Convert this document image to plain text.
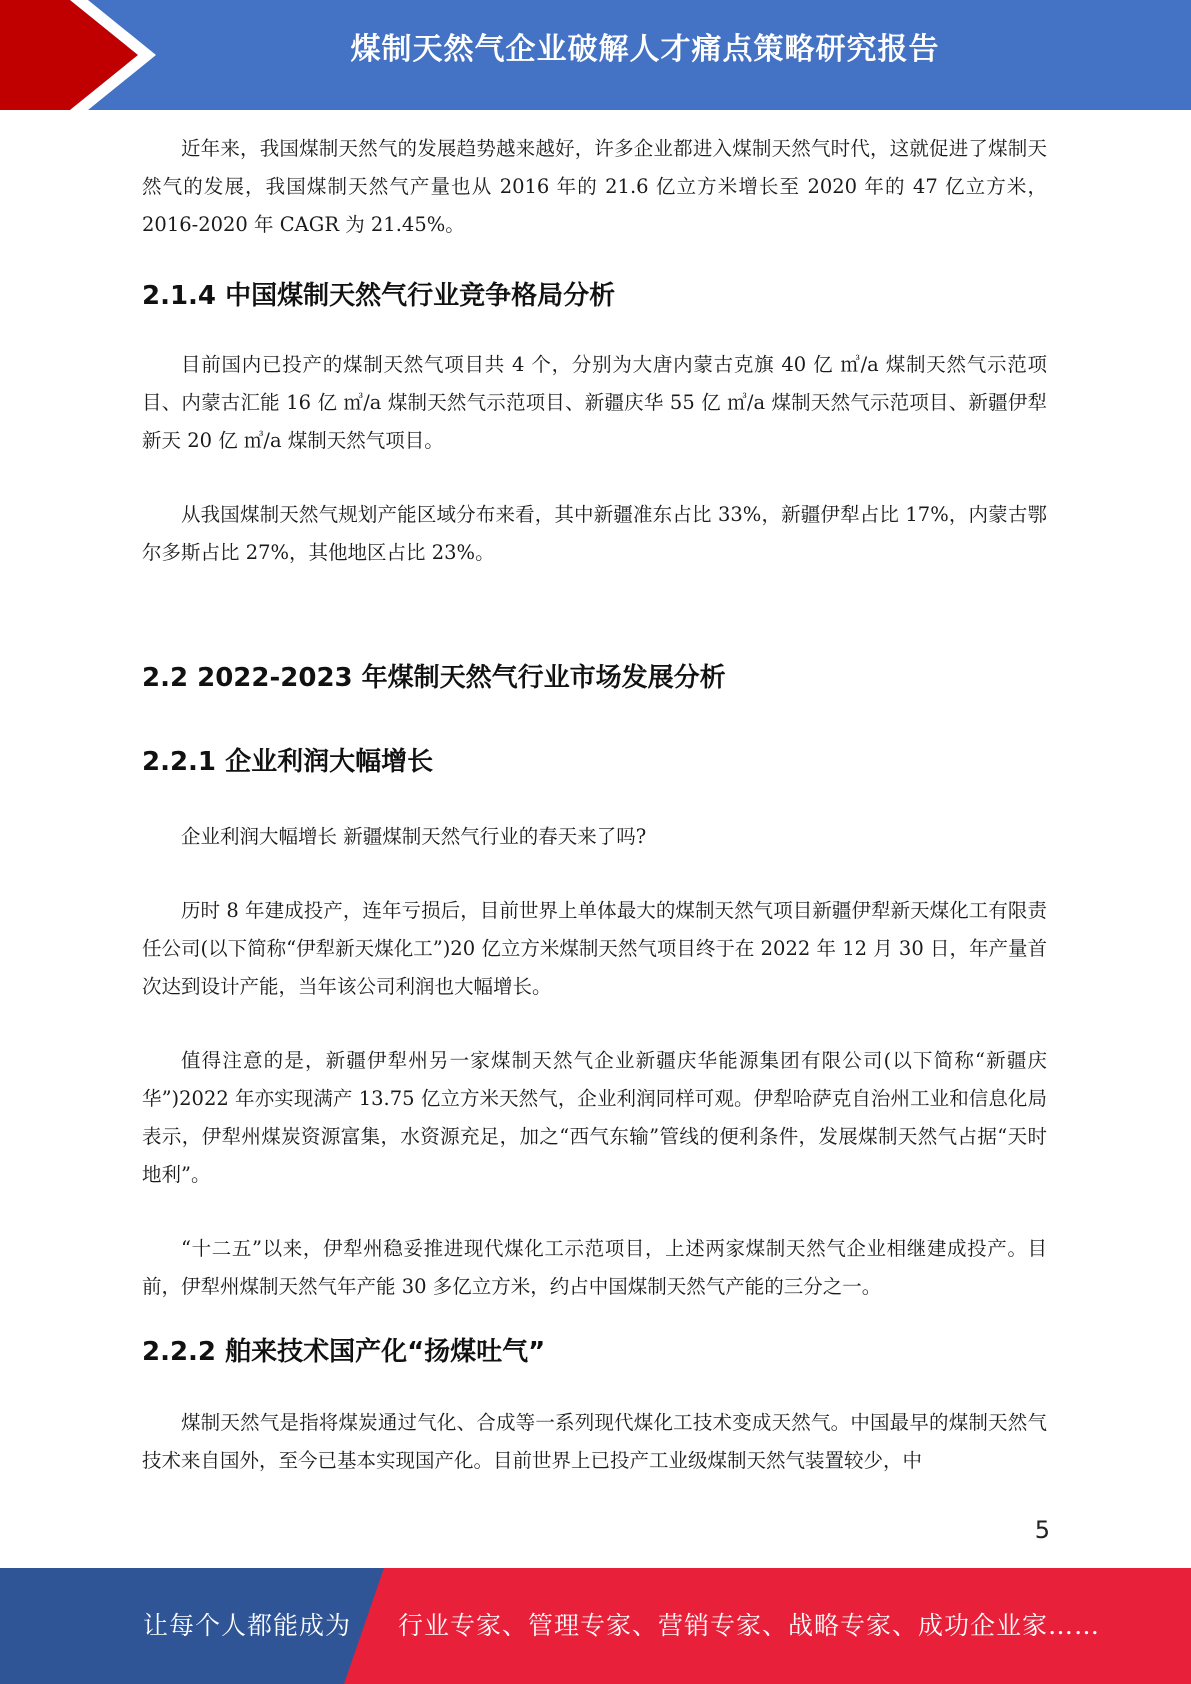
煤制天然气企业破解人才痛点策略研究报告

近年来，我国煤制天然气的发展趋势越来越好，许多企业都进入煤制天然气时代，这就促进了煤制天然气的发展，我国煤制天然气产量也从 2016 年的 21.6 亿立方米增长至 2020 年的 47 亿立方米，2016-2020 年 CAGR 为 21.45%。

2.1.4 中国煤制天然气行业竞争格局分析

目前国内已投产的煤制天然气项目共 4 个，分别为大唐内蒙古克旗 40 亿 ㎥/a 煤制天然气示范项目、内蒙古汇能 16 亿 ㎥/a 煤制天然气示范项目、新疆庆华 55 亿 ㎥/a 煤制天然气示范项目、新疆伊犁新天 20 亿 ㎥/a 煤制天然气项目。

从我国煤制天然气规划产能区域分布来看，其中新疆准东占比 33%，新疆伊犁占比 17%，内蒙古鄂尔多斯占比 27%，其他地区占比 23%。

2.2 2022-2023 年煤制天然气行业市场发展分析
2.2.1 企业利润大幅增长

企业利润大幅增长 新疆煤制天然气行业的春天来了吗?

历时 8 年建成投产，连年亏损后，目前世界上单体最大的煤制天然气项目新疆伊犁新天煤化工有限责任公司(以下简称“伊犁新天煤化工”)20 亿立方米煤制天然气项目终于在 2022 年 12 月 30 日，年产量首次达到设计产能，当年该公司利润也大幅增长。

值得注意的是，新疆伊犁州另一家煤制天然气企业新疆庆华能源集团有限公司(以下简称“新疆庆华”)2022 年亦实现满产 13.75 亿立方米天然气，企业利润同样可观。伊犁哈萨克自治州工业和信息化局表示，伊犁州煤炭资源富集，水资源充足，加之“西气东输”管线的便利条件，发展煤制天然气占据“天时地利”。

“十二五”以来，伊犁州稳妥推进现代煤化工示范项目，上述两家煤制天然气企业相继建成投产。目前，伊犁州煤制天然气年产能 30 多亿立方米，约占中国煤制天然气产能的三分之一。

2.2.2 舶来技术国产化“扬煤吐气”

煤制天然气是指将煤炭通过气化、合成等一系列现代煤化工技术变成天然气。中国最早的煤制天然气技术来自国外，至今已基本实现国产化。目前世界上已投产工业级煤制天然气装置较少，中

5
让每个人都能成为 行业专家、管理专家、营销专家、战略专家、成功企业家……
